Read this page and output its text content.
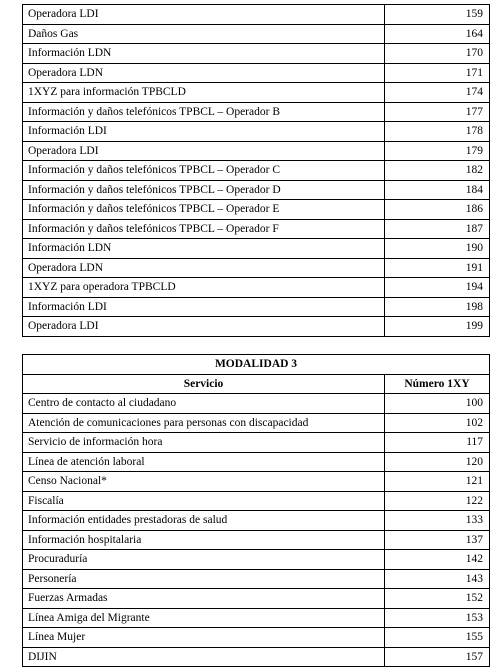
Operadora LDI	159
Daños Gas	164
Información LDN	170
Operadora LDN	171
1XYZ para información TPBCLD	174
Información y daños telefónicos TPBCL – Operador B	177
Información LDI	178
Operadora LDI	179
Información y daños telefónicos TPBCL – Operador C	182
Información y daños telefónicos TPBCL – Operador D	184
Información y daños telefónicos TPBCL – Operador E	186
Información y daños telefónicos TPBCL – Operador F	187
Información LDN	190
Operadora LDN	191
1XYZ para operadora TPBCLD	194
Información LDI	198
Operadora LDI	199
MODALIDAD 3	
Servicio	Número 1XY
Centro de contacto al ciudadano	100
Atención de comunicaciones para personas con discapacidad	102
Servicio de información hora	117
Línea de atención laboral	120
Censo Nacional*	121
Fiscalía	122
Información entidades prestadoras de salud	133
Información hospitalaria	137
Procuraduría	142
Personería	143
Fuerzas Armadas	152
Línea Amiga del Migrante	153
Línea Mujer	155
DIJIN	157
